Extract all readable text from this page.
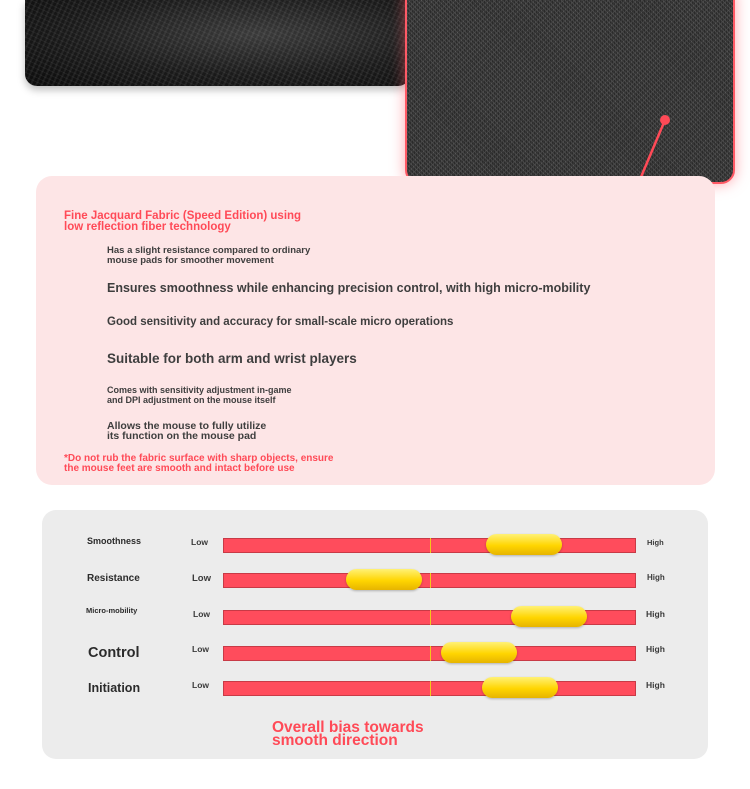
Fine Jacquard Fabric (Speed Edition) using
low reflection fiber technology
Has a slight resistance compared to ordinary
mouse pads for smoother movement
Ensures smoothness while enhancing precision control, with high micro-mobility
Good sensitivity and accuracy for small-scale micro operations
Suitable for both arm and wrist players
Comes with sensitivity adjustment in-game
and DPI adjustment on the mouse itself
Allows the mouse to fully utilize
its function on the mouse pad
*Do not rub the fabric surface with sharp objects, ensure
the mouse feet are smooth and intact before use
Smoothness	Low	High
Resistance	Low	High
Micro-mobility	Low	High
Control	Low	High
Initiation	Low	High
Overall bias towards
smooth direction
